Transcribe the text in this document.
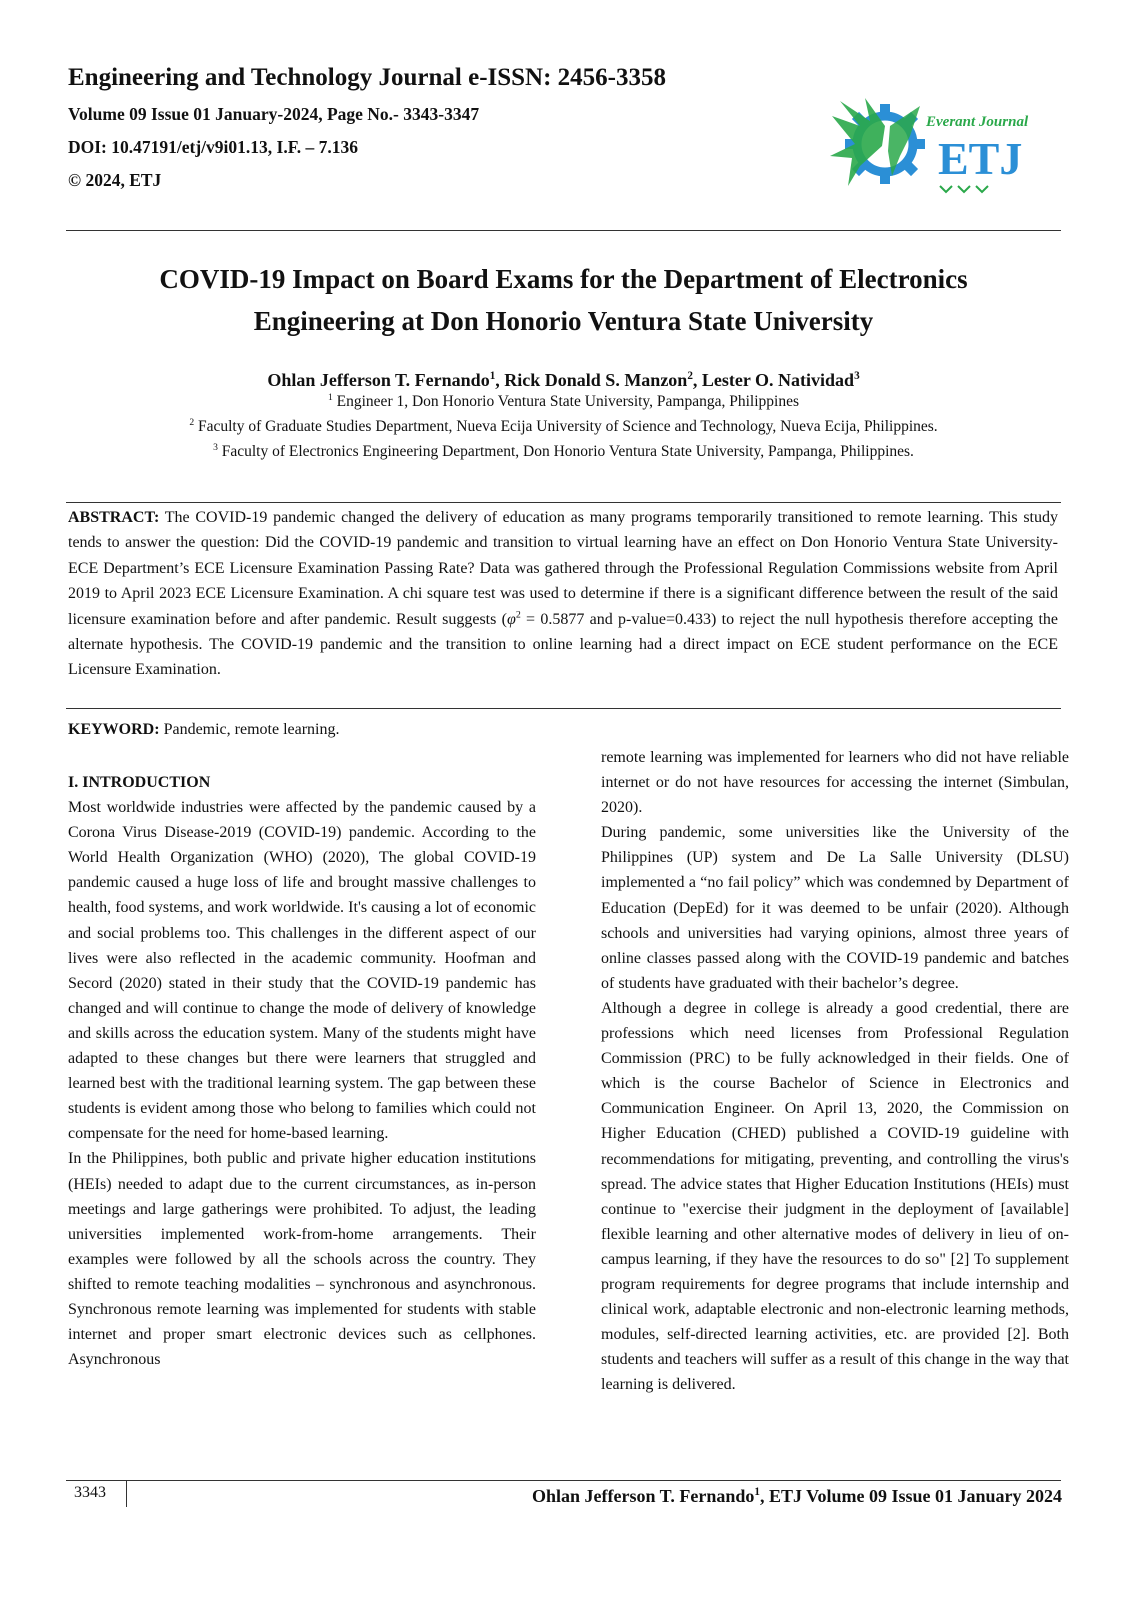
Engineering and Technology Journal e-ISSN: 2456-3358
Volume 09 Issue 01 January-2024, Page No.- 3343-3347
DOI: 10.47191/etj/v9i01.13, I.F. – 7.136
© 2024, ETJ	ETJ
Everant Journal
COVID-19 Impact on Board Exams for the Department of Electronics
Engineering at Don Honorio Ventura State University
Ohlan Jefferson T. Fernando$^1$, Rick Donald S. Manzon$^2$, Lester O. Natividad$^3$
$^1$ Engineer 1, Don Honorio Ventura State University, Pampanga, Philippines
$^2$ Faculty of Graduate Studies Department, Nueva Ecija University of Science and Technology, Nueva Ecija, Philippines.
$^3$ Faculty of Electronics Engineering Department, Don Honorio Ventura State University, Pampanga, Philippines.
ABSTRACT: The COVID-19 pandemic changed the delivery of education as many programs temporarily transitioned to remote learning. This study tends to answer the question: Did the COVID-19 pandemic and transition to virtual learning have an effect on Don Honorio Ventura State University- ECE Department’s ECE Licensure Examination Passing Rate? Data was gathered through the Professional Regulation Commissions website from April 2019 to April 2023 ECE Licensure Examination. A chi square test was used to determine if there is a significant difference between the result of the said licensure examination before and after pandemic. Result suggests ($\varphi^2 = 0.5877$ and p-value=0.433) to reject the null hypothesis therefore accepting the alternate hypothesis. The COVID-19 pandemic and the transition to online learning had a direct impact on ECE student performance on the ECE Licensure Examination.
KEYWORD: Pandemic, remote learning.

I. INTRODUCTION

Most worldwide industries were affected by the pandemic caused by a Corona Virus Disease-2019 (COVID-19) pandemic. According to the World Health Organization (WHO) (2020), The global COVID-19 pandemic caused a huge loss of life and brought massive challenges to health, food systems, and work worldwide. It's causing a lot of economic and social problems too. This challenges in the different aspect of our lives were also reflected in the academic community. Hoofman and Secord (2020) stated in their study that the COVID-19 pandemic has changed and will continue to change the mode of delivery of knowledge and skills across the education system. Many of the students might have adapted to these changes but there were learners that struggled and learned best with the traditional learning system. The gap between these students is evident among those who belong to families which could not compensate for the need for home-based learning.

In the Philippines, both public and private higher education institutions (HEIs) needed to adapt due to the current circumstances, as in-person meetings and large gatherings were prohibited. To adjust, the leading universities implemented work-from-home arrangements. Their examples were followed by all the schools across the country. They shifted to remote teaching modalities – synchronous and asynchronous. Synchronous remote learning was implemented for students with stable internet and proper smart electronic devices such as cellphones. Asynchronous

remote learning was implemented for learners who did not have reliable internet or do not have resources for accessing the internet (Simbulan, 2020).

During pandemic, some universities like the University of the Philippines (UP) system and De La Salle University (DLSU) implemented a “no fail policy” which was condemned by Department of Education (DepEd) for it was deemed to be unfair (2020). Although schools and universities had varying opinions, almost three years of online classes passed along with the COVID-19 pandemic and batches of students have graduated with their bachelor’s degree.

Although a degree in college is already a good credential, there are professions which need licenses from Professional Regulation Commission (PRC) to be fully acknowledged in their fields. One of which is the course Bachelor of Science in Electronics and Communication Engineer. On April 13, 2020, the Commission on Higher Education (CHED) published a COVID-19 guideline with recommendations for mitigating, preventing, and controlling the virus's spread. The advice states that Higher Education Institutions (HEIs) must continue to "exercise their judgment in the deployment of [available] flexible learning and other alternative modes of delivery in lieu of on-campus learning, if they have the resources to do so" [2] To supplement program requirements for degree programs that include internship and clinical work, adaptable electronic and non-electronic learning methods, modules, self-directed learning activities, etc. are provided [2]. Both students and teachers will suffer as a result of this change in the way that learning is delivered.

3343	Ohlan Jefferson T. Fernando$^1$, ETJ Volume 09 Issue 01 January 2024
